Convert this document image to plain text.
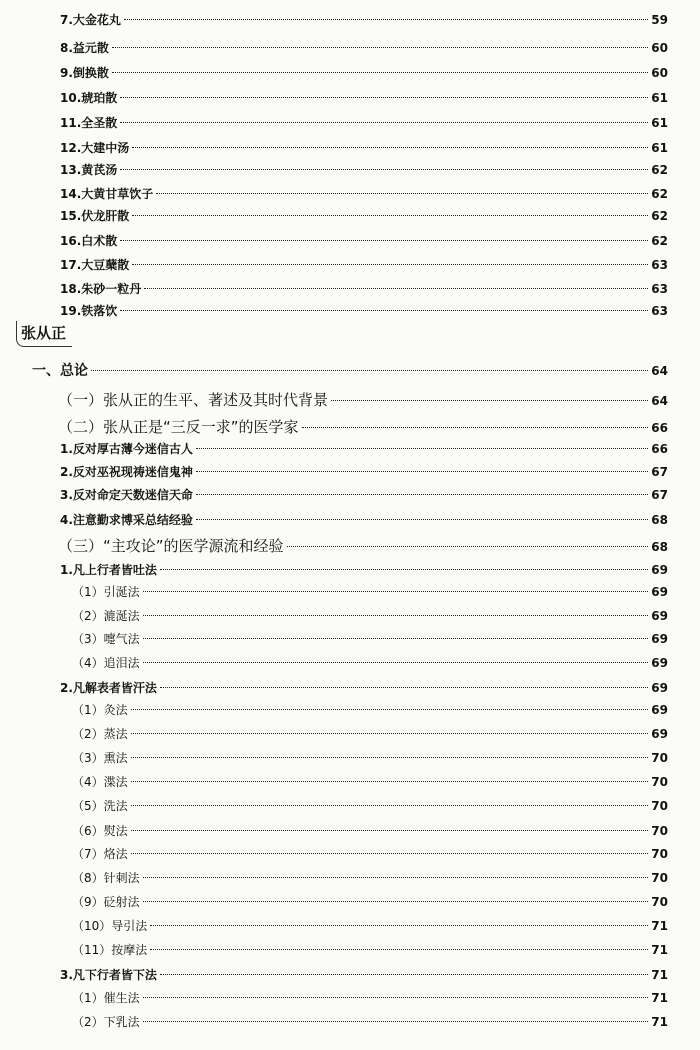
张从正
7.大金花丸	59
8.益元散	60
9.倒换散	60
10.琥珀散	61
11.全圣散	61
12.大建中汤	61
13.黄芪汤	62
14.大黄甘草饮子	62
15.伏龙肝散	62
16.白术散	62
17.大豆蘖散	63
18.朱砂一粒丹	63
19.铁落饮	63
一、总论	64
（一）张从正的生平、著述及其时代背景	64
（二）张从正是“三反一求”的医学家	66
1.反对厚古薄今迷信古人	66
2.反对巫祝现祷迷信鬼神	67
3.反对命定天数迷信天命	67
4.注意勤求博采总结经验	68
（三）“主攻论”的医学源流和经验	68
1.凡上行者皆吐法	69
（1）引涎法	69
（2）漉涎法	69
（3）嚏气法	69
（4）追泪法	69
2.凡解表者皆汗法	69
（1）灸法	69
（2）蒸法	69
（3）熏法	70
（4）渫法	70
（5）洗法	70
（6）熨法	70
（7）烙法	70
（8）针刺法	70
（9）砭射法	70
（10）导引法	71
（11）按摩法	71
3.凡下行者皆下法	71
（1）催生法	71
（2）下乳法	71
